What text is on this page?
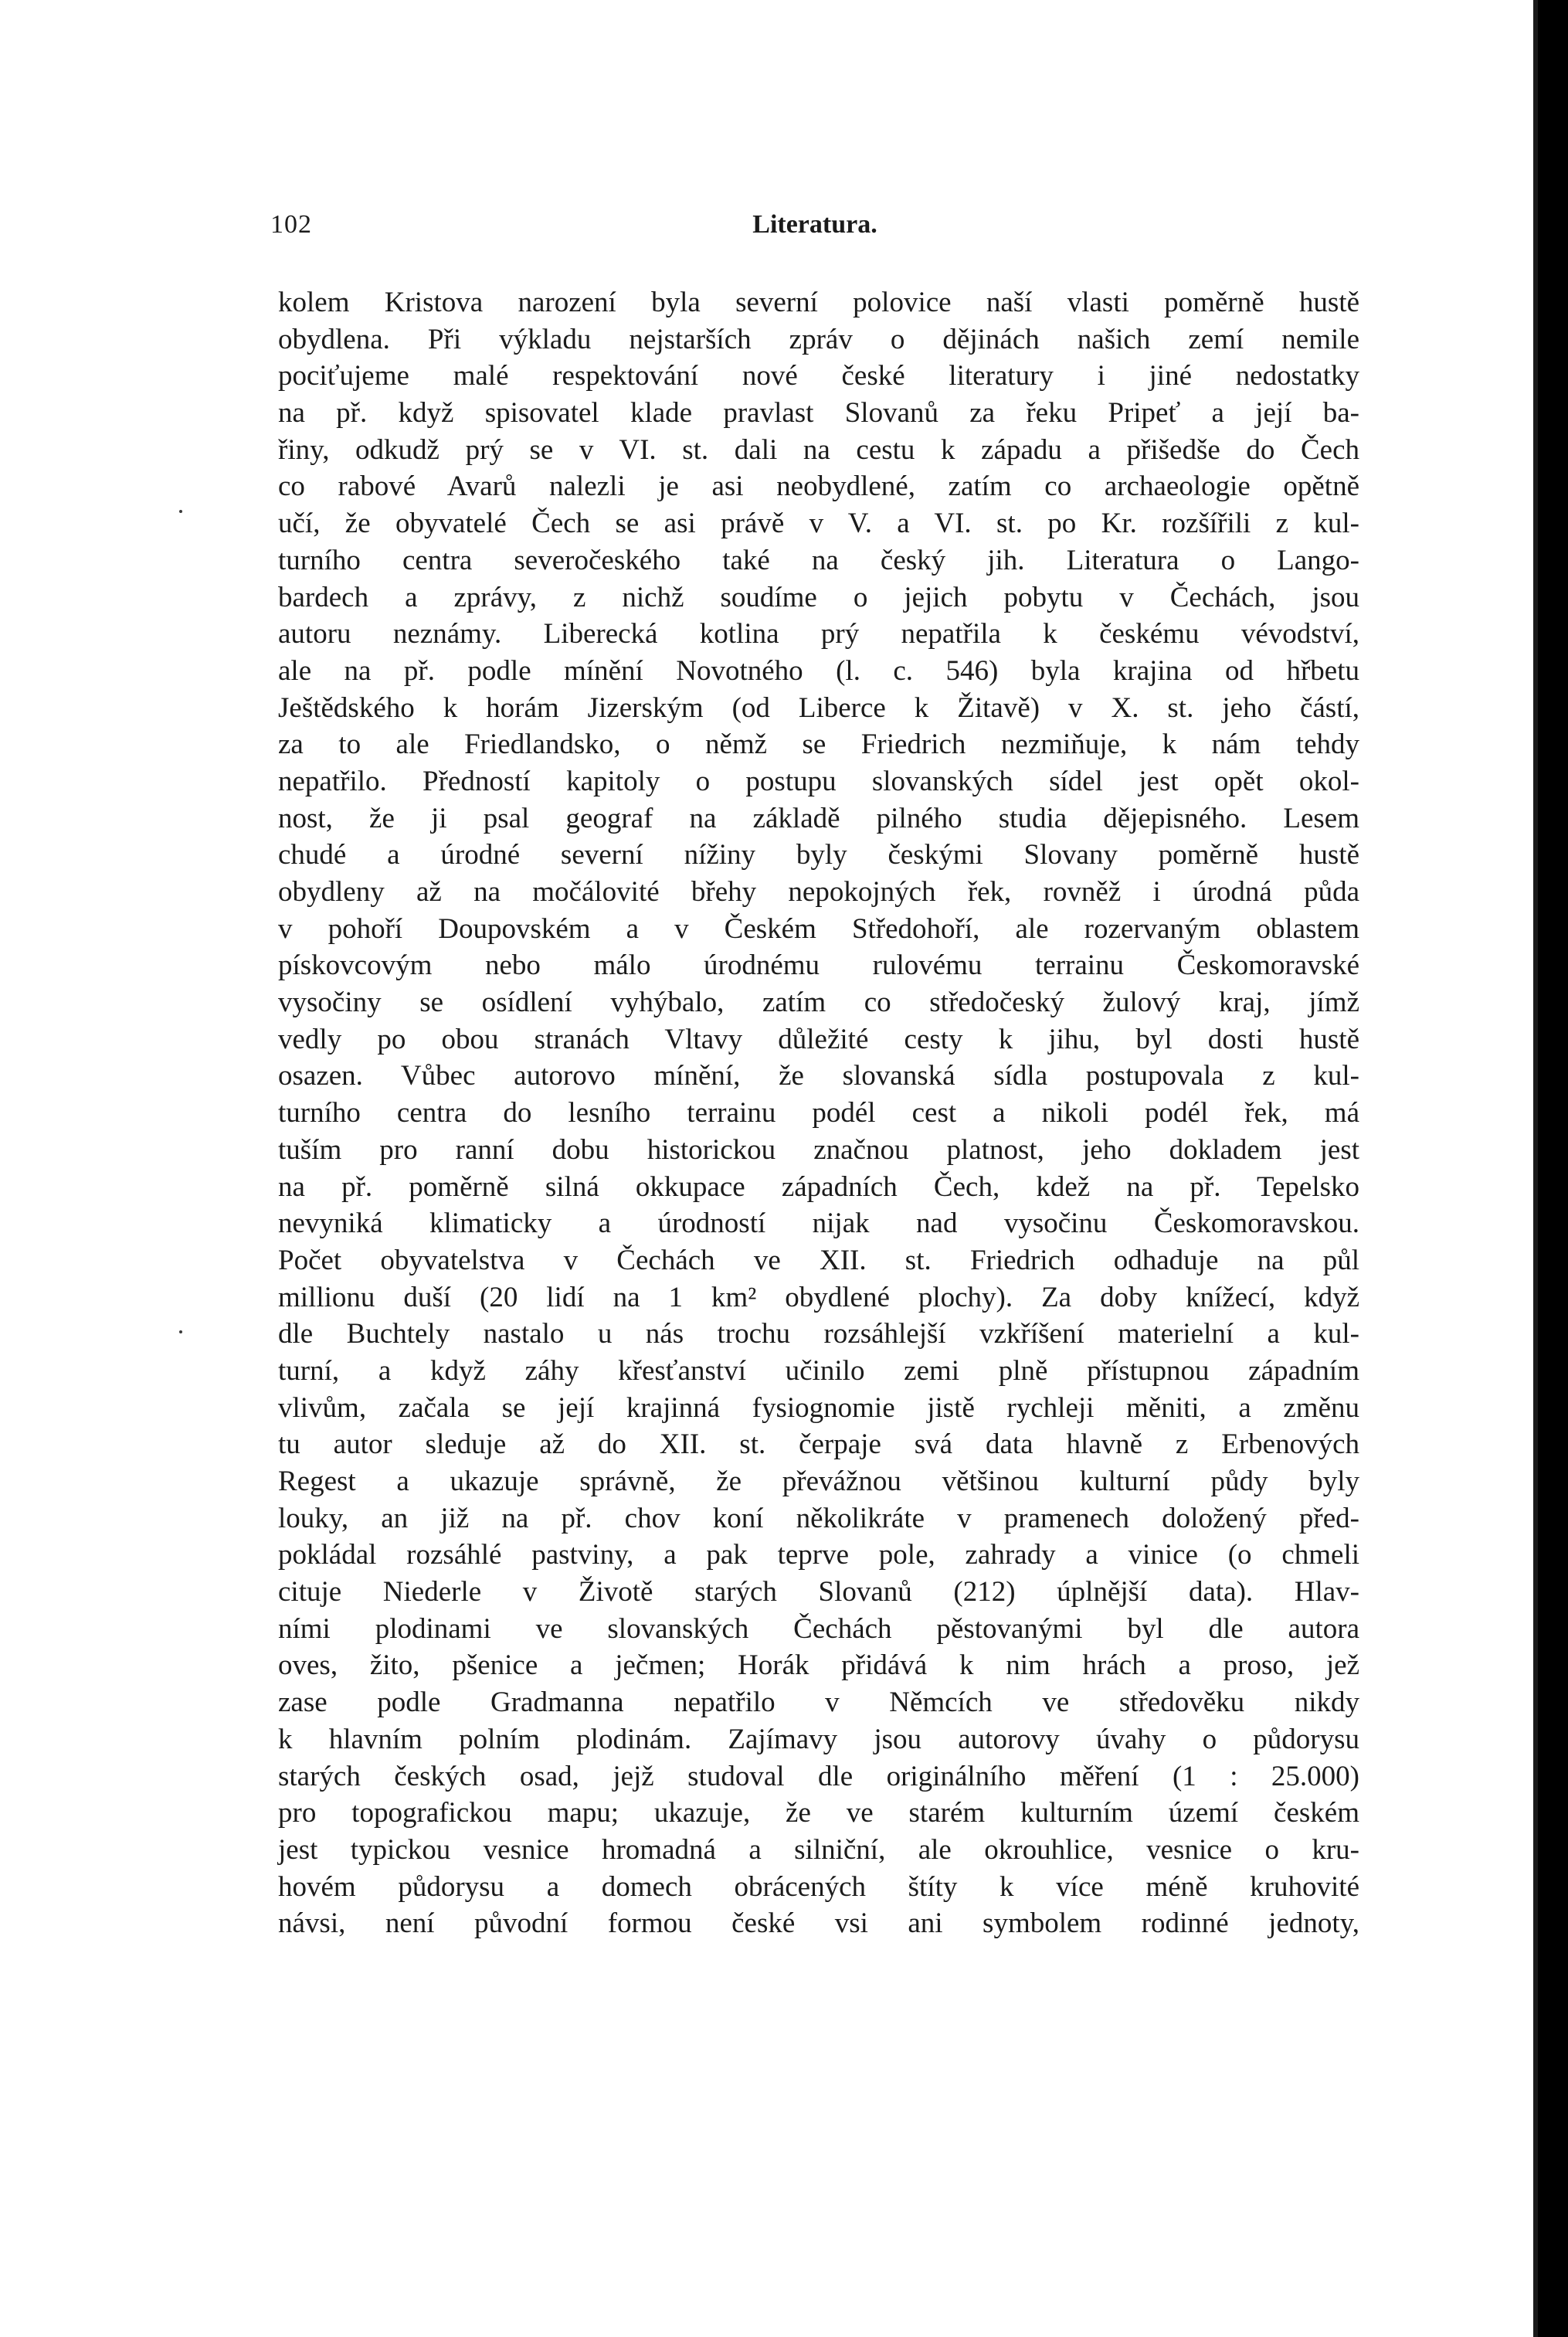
102	Literatura.
kolem Kristova narození byla severní polovice naší vlasti poměrně hustě
obydlena. Při výkladu nejstarších zpráv o dějinách našich zemí nemile
pociťujeme malé respektování nové české literatury i jiné nedostatky
na př. když spisovatel klade pravlast Slovanů za řeku Pripeť a její ba-
řiny, odkudž prý se v VI. st. dali na cestu k západu a přišedše do Čech
co rabové Avarů nalezli je asi neobydlené, zatím co archaeologie opětně
učí, že obyvatelé Čech se asi právě v V. a VI. st. po Kr. rozšířili z kul-
turního centra severočeského také na český jih. Literatura o Lango-
bardech a zprávy, z nichž soudíme o jejich pobytu v Čechách, jsou
autoru neznámy. Liberecká kotlina prý nepatřila k českému vévodství,
ale na př. podle mínění Novotného (l. c. 546) byla krajina od hřbetu
Ještědského k horám Jizerským (od Liberce k Žitavě) v X. st. jeho částí,
za to ale Friedlandsko, o němž se Friedrich nezmiňuje, k nám tehdy
nepatřilo. Předností kapitoly o postupu slovanských sídel jest opět okol-
nost, že ji psal geograf na základě pilného studia dějepisného. Lesem
chudé a úrodné severní nížiny byly českými Slovany poměrně hustě
obydleny až na močálovité břehy nepokojných řek, rovněž i úrodná půda
v pohoří Doupovském a v Českém Středohoří, ale rozervaným oblastem
pískovcovým nebo málo úrodnému rulovému terrainu Českomoravské
vysočiny se osídlení vyhýbalo, zatím co středočeský žulový kraj, jímž
vedly po obou stranách Vltavy důležité cesty k jihu, byl dosti hustě
osazen. Vůbec autorovo mínění, že slovanská sídla postupovala z kul-
turního centra do lesního terrainu podél cest a nikoli podél řek, má
tuším pro ranní dobu historickou značnou platnost, jeho dokladem jest
na př. poměrně silná okkupace západních Čech, kdež na př. Tepelsko
nevyniká klimaticky a úrodností nijak nad vysočinu Českomoravskou.
Počet obyvatelstva v Čechách ve XII. st. Friedrich odhaduje na půl
millionu duší (20 lidí na 1 km² obydlené plochy). Za doby knížecí, když
dle Buchtely nastalo u nás trochu rozsáhlejší vzkříšení materielní a kul-
turní, a když záhy křesťanství učinilo zemi plně přístupnou západním
vlivům, začala se její krajinná fysiognomie jistě rychleji měniti, a změnu
tu autor sleduje až do XII. st. čerpaje svá data hlavně z Erbenových
Regest a ukazuje správně, že převážnou většinou kulturní půdy byly
louky, an již na př. chov koní několikráte v pramenech doložený před-
pokládal rozsáhlé pastviny, a pak teprve pole, zahrady a vinice (o chmeli
cituje Niederle v Životě starých Slovanů (212) úplnější data). Hlav-
ními plodinami ve slovanských Čechách pěstovanými byl dle autora
oves, žito, pšenice a ječmen; Horák přidává k nim hrách a proso, jež
zase podle Gradmanna nepatřilo v Němcích ve středověku nikdy
k hlavním polním plodinám. Zajímavy jsou autorovy úvahy o půdorysu
starých českých osad, jejž studoval dle originálního měření (1 : 25.000)
pro topografickou mapu; ukazuje, že ve starém kulturním území českém
jest typickou vesnice hromadná a silniční, ale okrouhlice, vesnice o kru-
hovém půdorysu a domech obrácených štíty k více méně kruhovité
návsi, není původní formou české vsi ani symbolem rodinné jednoty,
